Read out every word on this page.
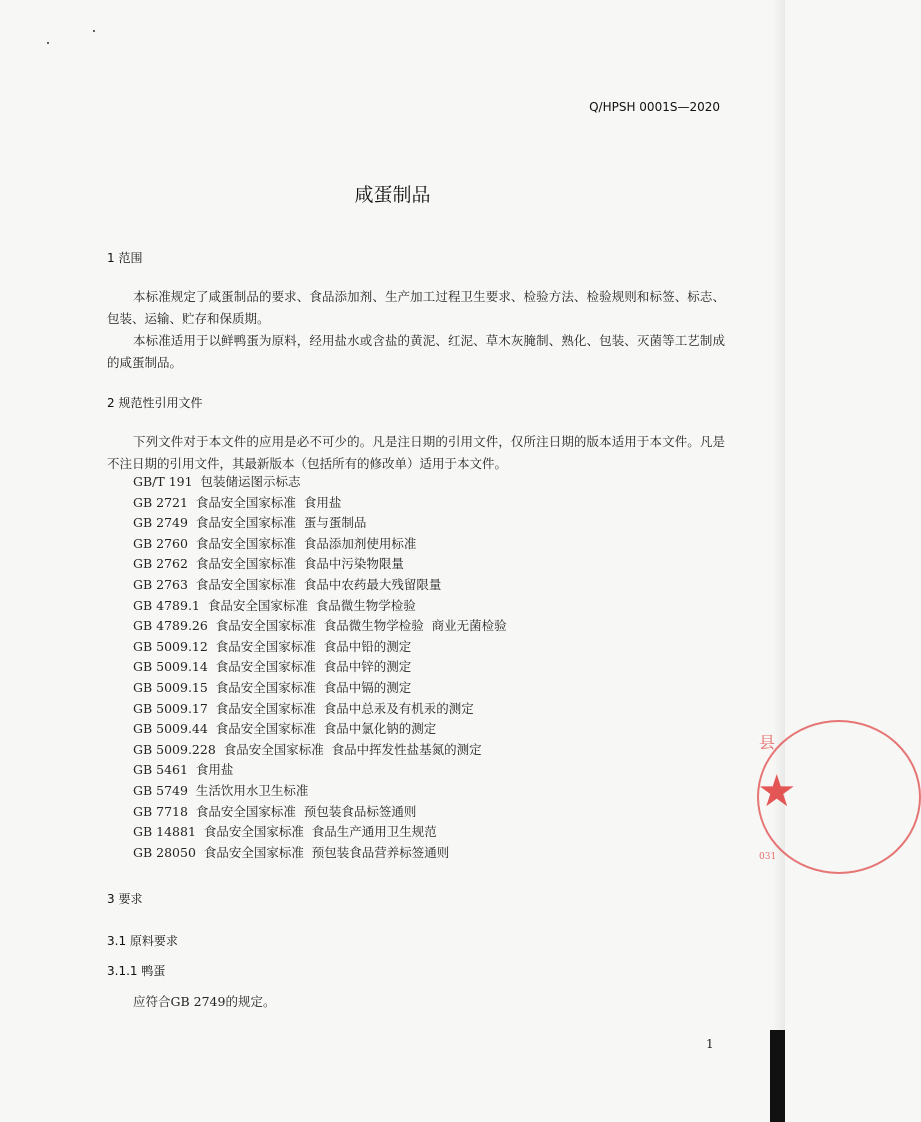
县
★
031
Q/HPSH 0001S—2020
咸蛋制品
1 范围

本标准规定了咸蛋制品的要求、食品添加剂、生产加工过程卫生要求、检验方法、检验规则和标签、标志、包装、运输、贮存和保质期。

本标准适用于以鲜鸭蛋为原料，经用盐水或含盐的黄泥、红泥、草木灰腌制、熟化、包装、灭菌等工艺制成的咸蛋制品。

2 规范性引用文件

下列文件对于本文件的应用是必不可少的。凡是注日期的引用文件，仅所注日期的版本适用于本文件。凡是不注日期的引用文件，其最新版本（包括所有的修改单）适用于本文件。

GB/T 191  包装储运图示标志
GB 2721  食品安全国家标准  食用盐
GB 2749  食品安全国家标准  蛋与蛋制品
GB 2760  食品安全国家标准  食品添加剂使用标准
GB 2762  食品安全国家标准  食品中污染物限量
GB 2763  食品安全国家标准  食品中农药最大残留限量
GB 4789.1  食品安全国家标准  食品微生物学检验
GB 4789.26  食品安全国家标准  食品微生物学检验  商业无菌检验
GB 5009.12  食品安全国家标准  食品中铅的测定
GB 5009.14  食品安全国家标准  食品中锌的测定
GB 5009.15  食品安全国家标准  食品中镉的测定
GB 5009.17  食品安全国家标准  食品中总汞及有机汞的测定
GB 5009.44  食品安全国家标准  食品中氯化钠的测定
GB 5009.228  食品安全国家标准  食品中挥发性盐基氮的测定
GB 5461  食用盐
GB 5749  生活饮用水卫生标准
GB 7718  食品安全国家标准  预包装食品标签通则
GB 14881  食品安全国家标准  食品生产通用卫生规范
GB 28050  食品安全国家标准  预包装食品营养标签通则
3 要求
3.1 原料要求
3.1.1 鸭蛋
应符合GB 2749的规定。
1
